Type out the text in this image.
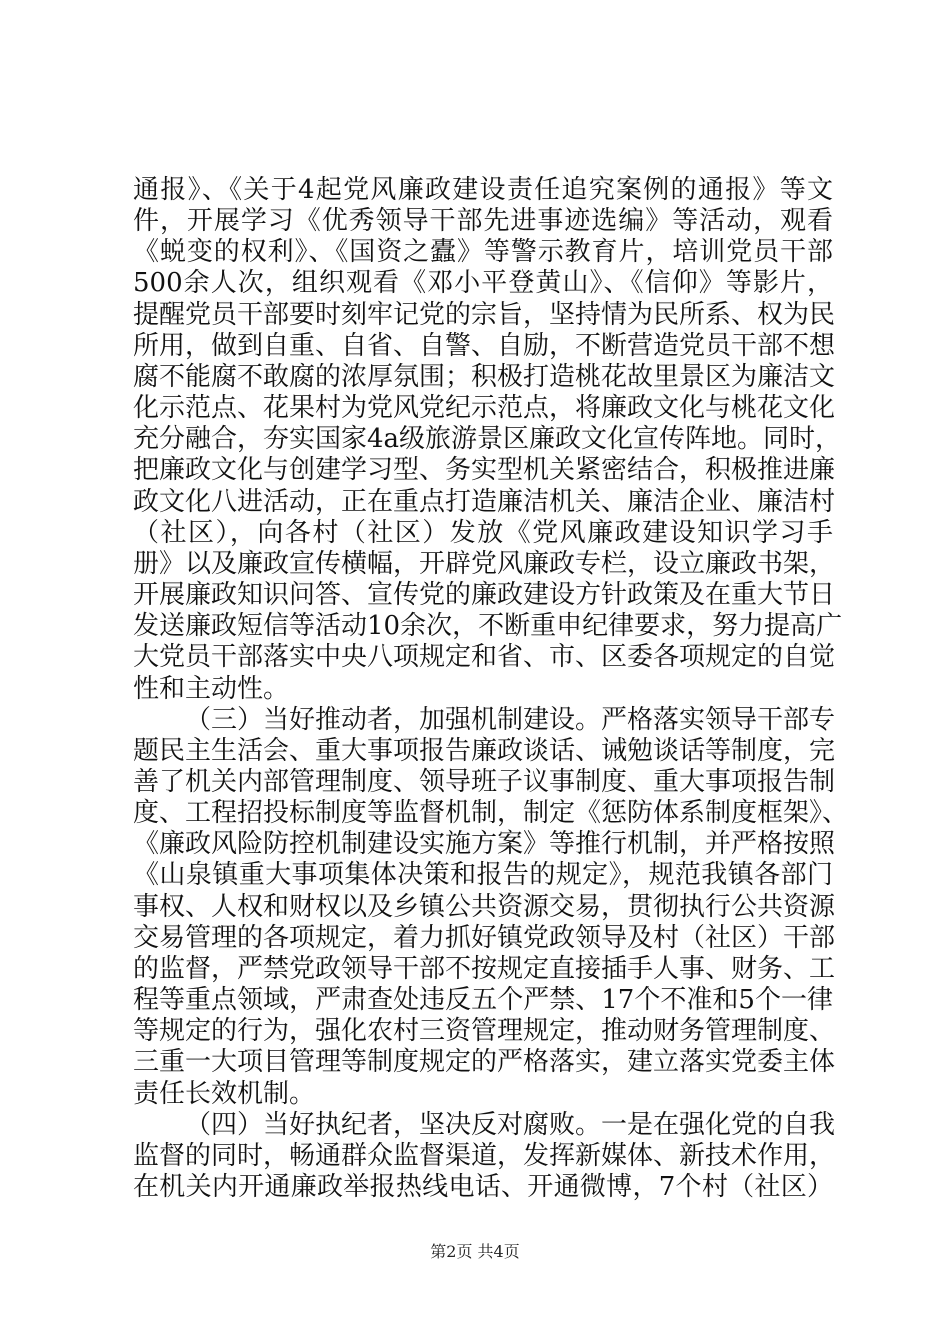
通报》、《关于4起党风廉政建设责任追究案例的通报》等文
件，开展学习《优秀领导干部先进事迹选编》等活动，观看
《蜕变的权利》、《国资之蠹》等警示教育片，培训党员干部
500余人次，组织观看《邓小平登黄山》、《信仰》等影片，
提醒党员干部要时刻牢记党的宗旨，坚持情为民所系、权为民
所用，做到自重、自省、自警、自励，不断营造党员干部不想
腐不能腐不敢腐的浓厚氛围；积极打造桃花故里景区为廉洁文
化示范点、花果村为党风党纪示范点，将廉政文化与桃花文化
充分融合，夯实国家4a级旅游景区廉政文化宣传阵地。同时，
把廉政文化与创建学习型、务实型机关紧密结合，积极推进廉
政文化八进活动，正在重点打造廉洁机关、廉洁企业、廉洁村
（社区），向各村（社区）发放《党风廉政建设知识学习手
册》以及廉政宣传横幅，开辟党风廉政专栏，设立廉政书架，
开展廉政知识问答、宣传党的廉政建设方针政策及在重大节日
发送廉政短信等活动10余次，不断重申纪律要求，努力提高广
大党员干部落实中央八项规定和省、市、区委各项规定的自觉
性和主动性。
（三）当好推动者，加强机制建设。严格落实领导干部专
题民主生活会、重大事项报告廉政谈话、诫勉谈话等制度，完
善了机关内部管理制度、领导班子议事制度、重大事项报告制
度、工程招投标制度等监督机制，制定《惩防体系制度框架》、
《廉政风险防控机制建设实施方案》等推行机制，并严格按照
《山泉镇重大事项集体决策和报告的规定》，规范我镇各部门
事权、人权和财权以及乡镇公共资源交易，贯彻执行公共资源
交易管理的各项规定，着力抓好镇党政领导及村（社区）干部
的监督，严禁党政领导干部不按规定直接插手人事、财务、工
程等重点领域，严肃查处违反五个严禁、17个不准和5个一律
等规定的行为，强化农村三资管理规定，推动财务管理制度、
三重一大项目管理等制度规定的严格落实，建立落实党委主体
责任长效机制。
（四）当好执纪者，坚决反对腐败。一是在强化党的自我
监督的同时，畅通群众监督渠道，发挥新媒体、新技术作用，
在机关内开通廉政举报热线电话、开通微博，7个村（社区）
第2页 共4页
